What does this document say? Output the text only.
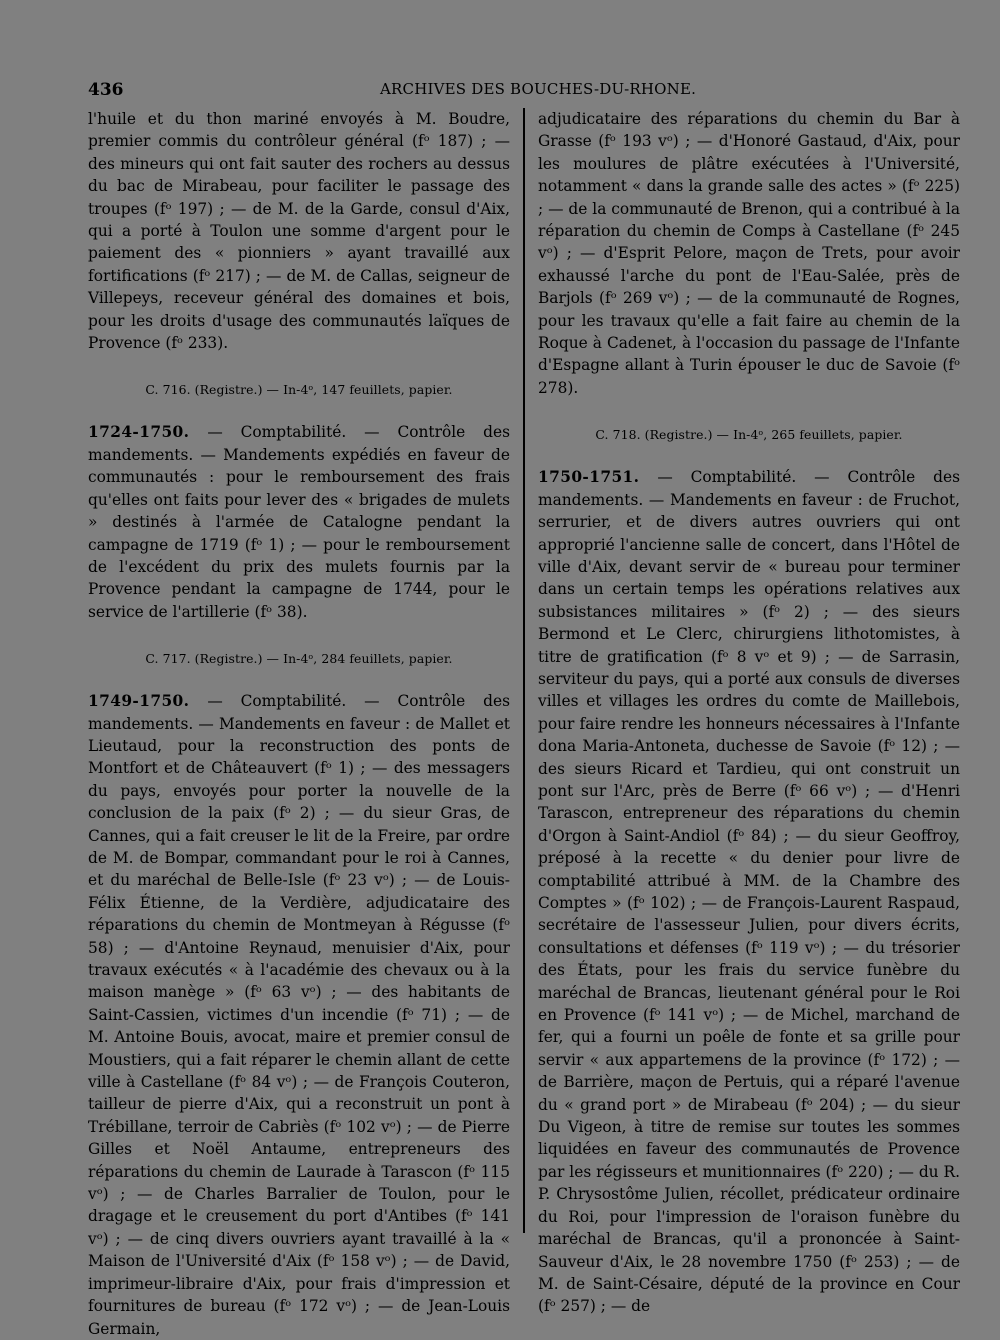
436	ARCHIVES DES BOUCHES-DU-RHONE.

l'huile et du thon mariné envoyés à M. Boudre, premier commis du contrôleur général (fᵒ 187) ; — des mineurs qui ont fait sauter des rochers au dessus du bac de Mirabeau, pour faciliter le passage des troupes (fᵒ 197) ; — de M. de la Garde, consul d'Aix, qui a porté à Toulon une somme d'argent pour le paiement des « pionniers » ayant travaillé aux fortifications (fᵒ 217) ; — de M. de Callas, seigneur de Villepeys, receveur général des domaines et bois, pour les droits d'usage des communautés laïques de Provence (fᵒ 233).

C. 716. (Registre.) — In-4ᵒ, 147 feuillets, papier.

1724-1750. — Comptabilité. — Contrôle des mandements. — Mandements expédiés en faveur de communautés : pour le remboursement des frais qu'elles ont faits pour lever des « brigades de mulets » destinés à l'armée de Catalogne pendant la campagne de 1719 (fᵒ 1) ; — pour le remboursement de l'excédent du prix des mulets fournis par la Provence pendant la campagne de 1744, pour le service de l'artillerie (fᵒ 38).

C. 717. (Registre.) — In-4ᵒ, 284 feuillets, papier.

1749-1750. — Comptabilité. — Contrôle des mandements. — Mandements en faveur : de Mallet et Lieutaud, pour la reconstruction des ponts de Montfort et de Châteauvert (fᵒ 1) ; — des messagers du pays, envoyés pour porter la nouvelle de la conclusion de la paix (fᵒ 2) ; — du sieur Gras, de Cannes, qui a fait creuser le lit de la Freire, par ordre de M. de Bompar, commandant pour le roi à Cannes, et du maréchal de Belle-Isle (fᵒ 23 vᵒ) ; — de Louis-Félix Étienne, de la Verdière, adjudicataire des réparations du chemin de Montmeyan à Régusse (fᵒ 58) ; — d'Antoine Reynaud, menuisier d'Aix, pour travaux exécutés « à l'académie des chevaux ou à la maison manège » (fᵒ 63 vᵒ) ; — des habitants de Saint-Cassien, victimes d'un incendie (fᵒ 71) ; — de M. Antoine Bouis, avocat, maire et premier consul de Moustiers, qui a fait réparer le chemin allant de cette ville à Castellane (fᵒ 84 vᵒ) ; — de François Couteron, tailleur de pierre d'Aix, qui a reconstruit un pont à Trébillane, terroir de Cabriès (fᵒ 102 vᵒ) ; — de Pierre Gilles et Noël Antaume, entrepreneurs des réparations du chemin de Laurade à Tarascon (fᵒ 115 vᵒ) ; — de Charles Barralier de Toulon, pour le dragage et le creusement du port d'Antibes (fᵒ 141 vᵒ) ; — de cinq divers ouvriers ayant travaillé à la « Maison de l'Université d'Aix (fᵒ 158 vᵒ) ; — de David, imprimeur-libraire d'Aix, pour frais d'impression et fournitures de bureau (fᵒ 172 vᵒ) ; — de Jean-Louis Germain,

adjudicataire des réparations du chemin du Bar à Grasse (fᵒ 193 vᵒ) ; — d'Honoré Gastaud, d'Aix, pour les moulures de plâtre exécutées à l'Université, notamment « dans la grande salle des actes » (fᵒ 225) ; — de la communauté de Brenon, qui a contribué à la réparation du chemin de Comps à Castellane (fᵒ 245 vᵒ) ; — d'Esprit Pelore, maçon de Trets, pour avoir exhaussé l'arche du pont de l'Eau-Salée, près de Barjols (fᵒ 269 vᵒ) ; — de la communauté de Rognes, pour les travaux qu'elle a fait faire au chemin de la Roque à Cadenet, à l'occasion du passage de l'Infante d'Espagne allant à Turin épouser le duc de Savoie (fᵒ 278).

C. 718. (Registre.) — In-4ᵒ, 265 feuillets, papier.

1750-1751. — Comptabilité. — Contrôle des mandements. — Mandements en faveur : de Fruchot, serrurier, et de divers autres ouvriers qui ont approprié l'ancienne salle de concert, dans l'Hôtel de ville d'Aix, devant servir de « bureau pour terminer dans un certain temps les opérations relatives aux subsistances militaires » (fᵒ 2) ; — des sieurs Bermond et Le Clerc, chirurgiens lithotomistes, à titre de gratification (fᵒ 8 vᵒ et 9) ; — de Sarrasin, serviteur du pays, qui a porté aux consuls de diverses villes et villages les ordres du comte de Maillebois, pour faire rendre les honneurs nécessaires à l'Infante dona Maria-Antoneta, duchesse de Savoie (fᵒ 12) ; — des sieurs Ricard et Tardieu, qui ont construit un pont sur l'Arc, près de Berre (fᵒ 66 vᵒ) ; — d'Henri Tarascon, entrepreneur des réparations du chemin d'Orgon à Saint-Andiol (fᵒ 84) ; — du sieur Geoffroy, préposé à la recette « du denier pour livre de comptabilité attribué à MM. de la Chambre des Comptes » (fᵒ 102) ; — de François-Laurent Raspaud, secrétaire de l'assesseur Julien, pour divers écrits, consultations et défenses (fᵒ 119 vᵒ) ; — du trésorier des États, pour les frais du service funèbre du maréchal de Brancas, lieutenant général pour le Roi en Provence (fᵒ 141 vᵒ) ; — de Michel, marchand de fer, qui a fourni un poêle de fonte et sa grille pour servir « aux appartemens de la province (fᵒ 172) ; — de Barrière, maçon de Pertuis, qui a réparé l'avenue du « grand port » de Mirabeau (fᵒ 204) ; — du sieur Du Vigeon, à titre de remise sur toutes les sommes liquidées en faveur des communautés de Provence par les régisseurs et munitionnaires (fᵒ 220) ; — du R. P. Chrysostôme Julien, récollet, prédicateur ordinaire du Roi, pour l'impression de l'oraison funèbre du maréchal de Brancas, qu'il a prononcée à Saint-Sauveur d'Aix, le 28 novembre 1750 (fᵒ 253) ; — de M. de Saint-Césaire, député de la province en Cour (fᵒ 257) ; — de
